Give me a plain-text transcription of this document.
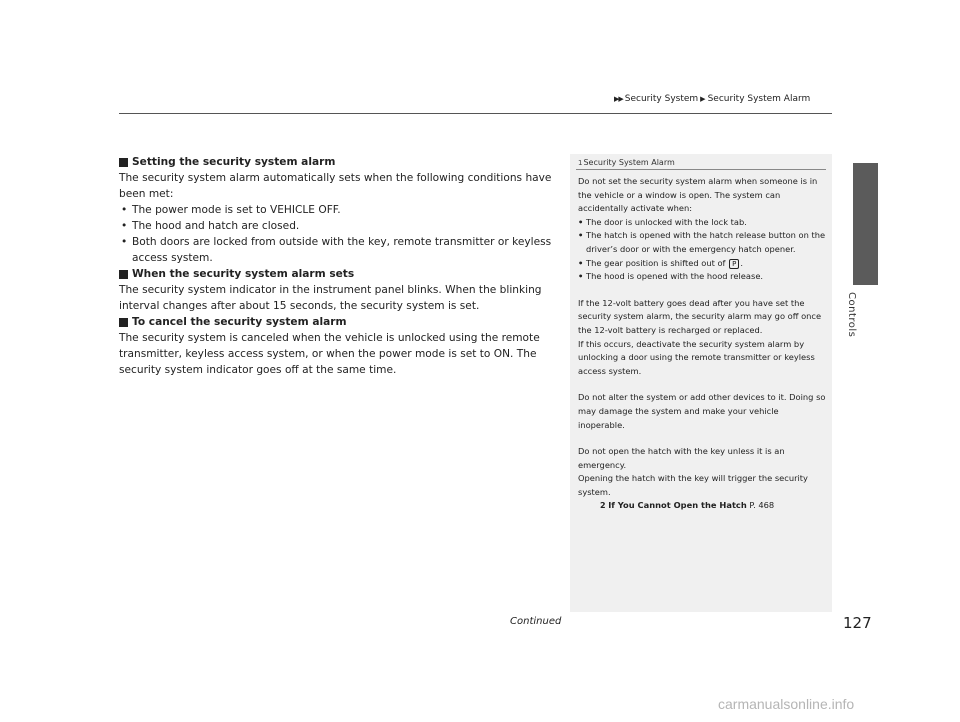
▶▶ Security System ▶ Security System Alarm
Controls

Setting the security system alarm

The security system alarm automatically sets when the following conditions have been met:

• The power mode is set to VEHICLE OFF.
• The hood and hatch are closed.
• Both doors are locked from outside with the key, remote transmitter or keyless access system.

When the security system alarm sets

The security system indicator in the instrument panel blinks. When the blinking interval changes after about 15 seconds, the security system is set.

To cancel the security system alarm

The security system is canceled when the vehicle is unlocked using the remote transmitter, keyless access system, or when the power mode is set to ON. The security system indicator goes off at the same time.

1 Security System Alarm

Do not set the security system alarm when someone is in the vehicle or a window is open. The system can accidentally activate when:

• The door is unlocked with the lock tab.
• The hatch is opened with the hatch release button on the driver’s door or with the emergency hatch opener.
• The gear position is shifted out of P .
• The hood is opened with the hood release.

If the 12-volt battery goes dead after you have set the security system alarm, the security alarm may go off once the 12-volt battery is recharged or replaced.

If this occurs, deactivate the security system alarm by unlocking a door using the remote transmitter or keyless access system.

Do not alter the system or add other devices to it. Doing so may damage the system and make your vehicle inoperable.

Do not open the hatch with the key unless it is an emergency.

Opening the hatch with the key will trigger the security system.

2 If You Cannot Open the Hatch P. 468

Continued	127
carmanualsonline.info
